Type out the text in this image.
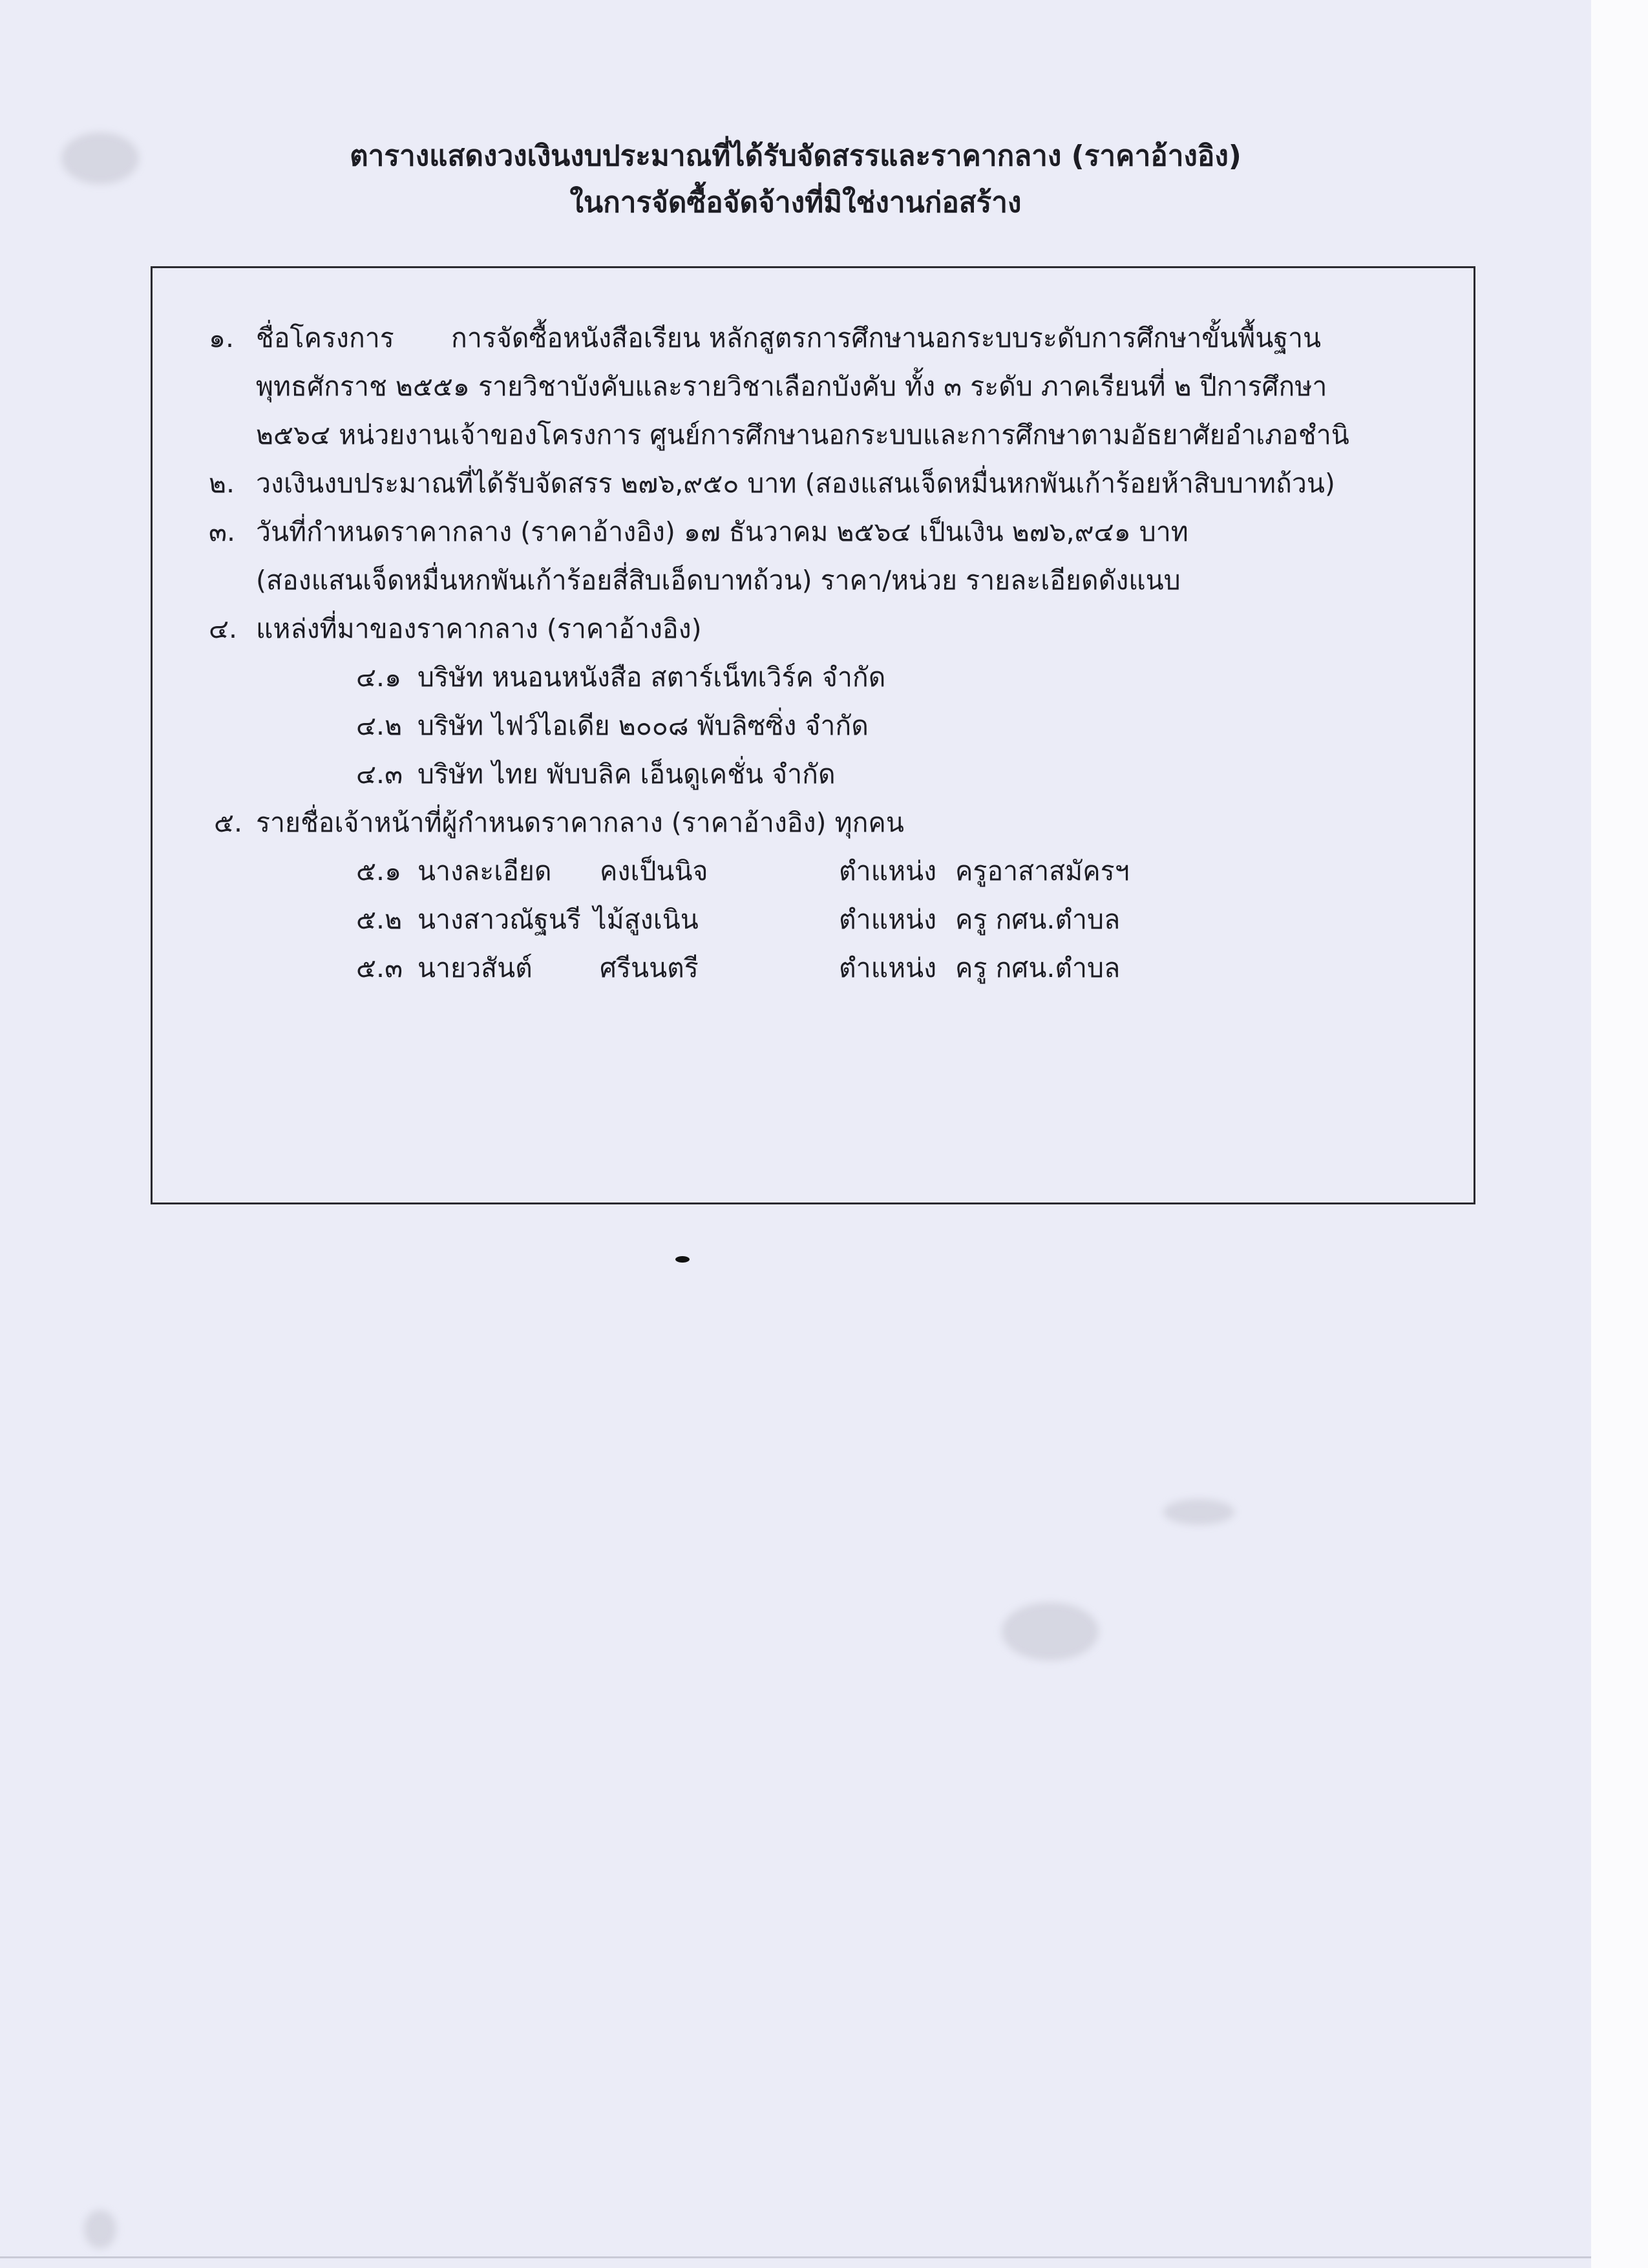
ตารางแสดงวงเงินงบประมาณที่ได้รับจัดสรรและราคากลาง (ราคาอ้างอิง)
ในการจัดซื้อจัดจ้างที่มิใช่งานก่อสร้าง
๑. ชื่อโครงการ การจัดซื้อหนังสือเรียน หลักสูตรการศึกษานอกระบบระดับการศึกษาขั้นพื้นฐาน
พุทธศักราช ๒๕๕๑ รายวิชาบังคับและรายวิชาเลือกบังคับ ทั้ง ๓ ระดับ ภาคเรียนที่ ๒ ปีการศึกษา
๒๕๖๔ หน่วยงานเจ้าของโครงการ ศูนย์การศึกษานอกระบบและการศึกษาตามอัธยาศัยอำเภอชำนิ
๒. วงเงินงบประมาณที่ได้รับจัดสรร ๒๗๖,๙๕๐ บาท (สองแสนเจ็ดหมื่นหกพันเก้าร้อยห้าสิบบาทถ้วน)
๓. วันที่กำหนดราคากลาง (ราคาอ้างอิง) ๑๗ ธันวาคม ๒๕๖๔ เป็นเงิน ๒๗๖,๙๔๑ บาท
(สองแสนเจ็ดหมื่นหกพันเก้าร้อยสี่สิบเอ็ดบาทถ้วน) ราคา/หน่วย รายละเอียดดังแนบ
๔. แหล่งที่มาของราคากลาง (ราคาอ้างอิง)
๔.๑ บริษัท หนอนหนังสือ สตาร์เน็ทเวิร์ค จำกัด
๔.๒ บริษัท ไฟว์ไอเดีย ๒๐๐๘ พับลิซซิ่ง จำกัด
๔.๓ บริษัท ไทย พับบลิค เอ็นดูเคชั่น จำกัด
๕. รายชื่อเจ้าหน้าที่ผู้กำหนดราคากลาง (ราคาอ้างอิง) ทุกคน
๕.๑ นางละเอียด คงเป็นนิจ	ตำแหน่ง ครูอาสาสมัครฯ
๕.๒ นางสาวณัฐนรี ไม้สูงเนิน	ตำแหน่ง ครู กศน.ตำบล
๕.๓ นายวสันต์	ศรีนนตรี	ตำแหน่ง ครู กศน.ตำบล
